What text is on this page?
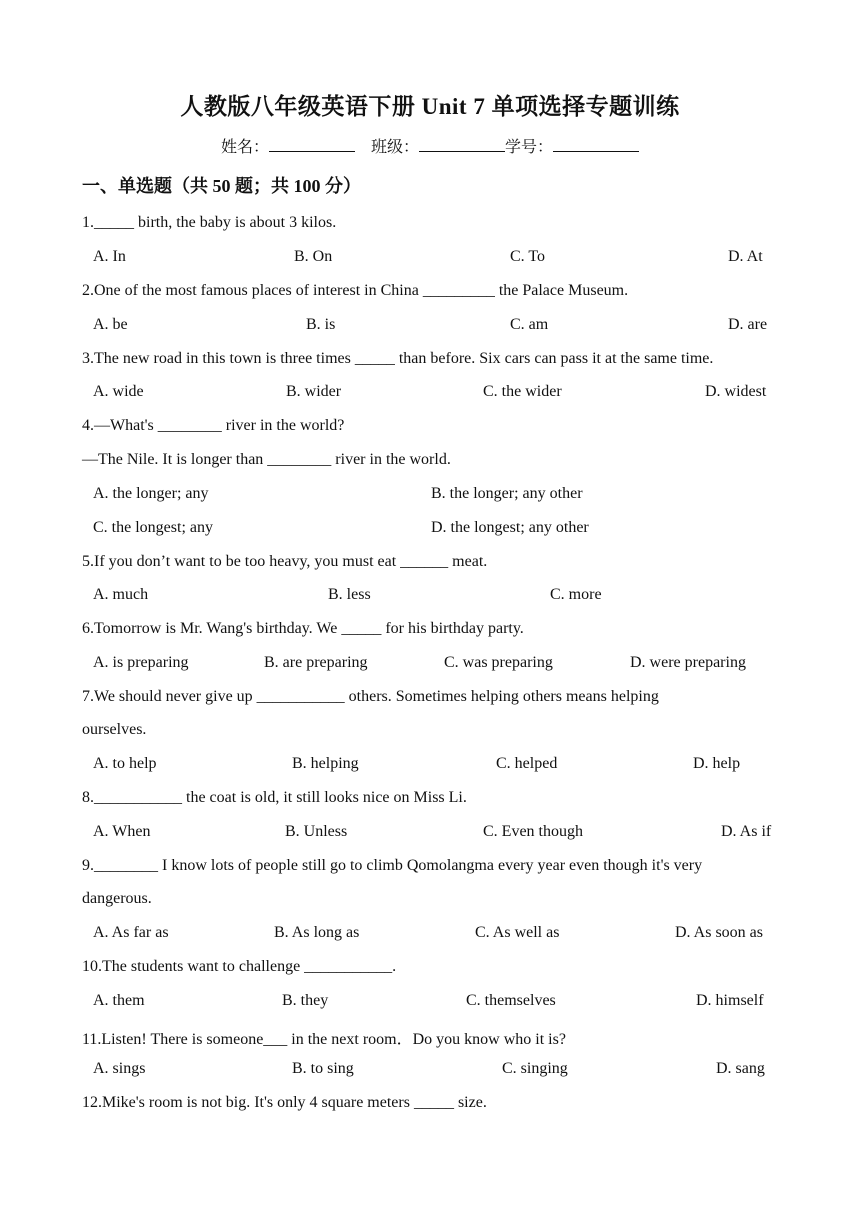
人教版八年级英语下册 Unit 7 单项选择专题训练
姓名：	班级：	学号：
一、单选题（共 50 题；共 100 分）
1._____ birth, the baby is about 3 kilos.
A. In	B. On	C. To	D. At
2.One of the most famous places of interest in China _________ the Palace Museum.
A. be	B. is	C. am	D. are
3.The new road in this town is three times _____ than before. Six cars can pass it at the same time.
A. wide	B. wider	C. the wider	D. widest
4.—What's ________ river in the world?
—The Nile. It is longer than ________ river in the world.
A. the longer; any	B. the longer; any other
C. the longest; any	D. the longest; any other
5.If you don’t want to be too heavy, you must eat ______ meat.
A. much	B. less	C. more
6.Tomorrow is Mr. Wang's birthday. We _____ for his birthday party.
A. is preparing	B. are preparing	C. was preparing	D. were preparing
7.We should never give up ___________ others. Sometimes helping others means helping
ourselves.
A. to help	B. helping	C. helped	D. help
8.___________ the coat is old, it still looks nice on Miss Li.
A. When	B. Unless	C. Even though	D. As if
9.________ I know lots of people still go to climb Qomolangma every year even though it's very
dangerous.
A. As far as	B. As long as	C. As well as	D. As soon as
10.The students want to challenge ___________.
A. them	B. they	C. themselves	D. himself
11.Listen! There is someone___ in the next room．Do you know who it is?
A. sings	B. to sing	C. singing	D. sang
12.Mike's room is not big. It's only 4 square meters _____ size.
